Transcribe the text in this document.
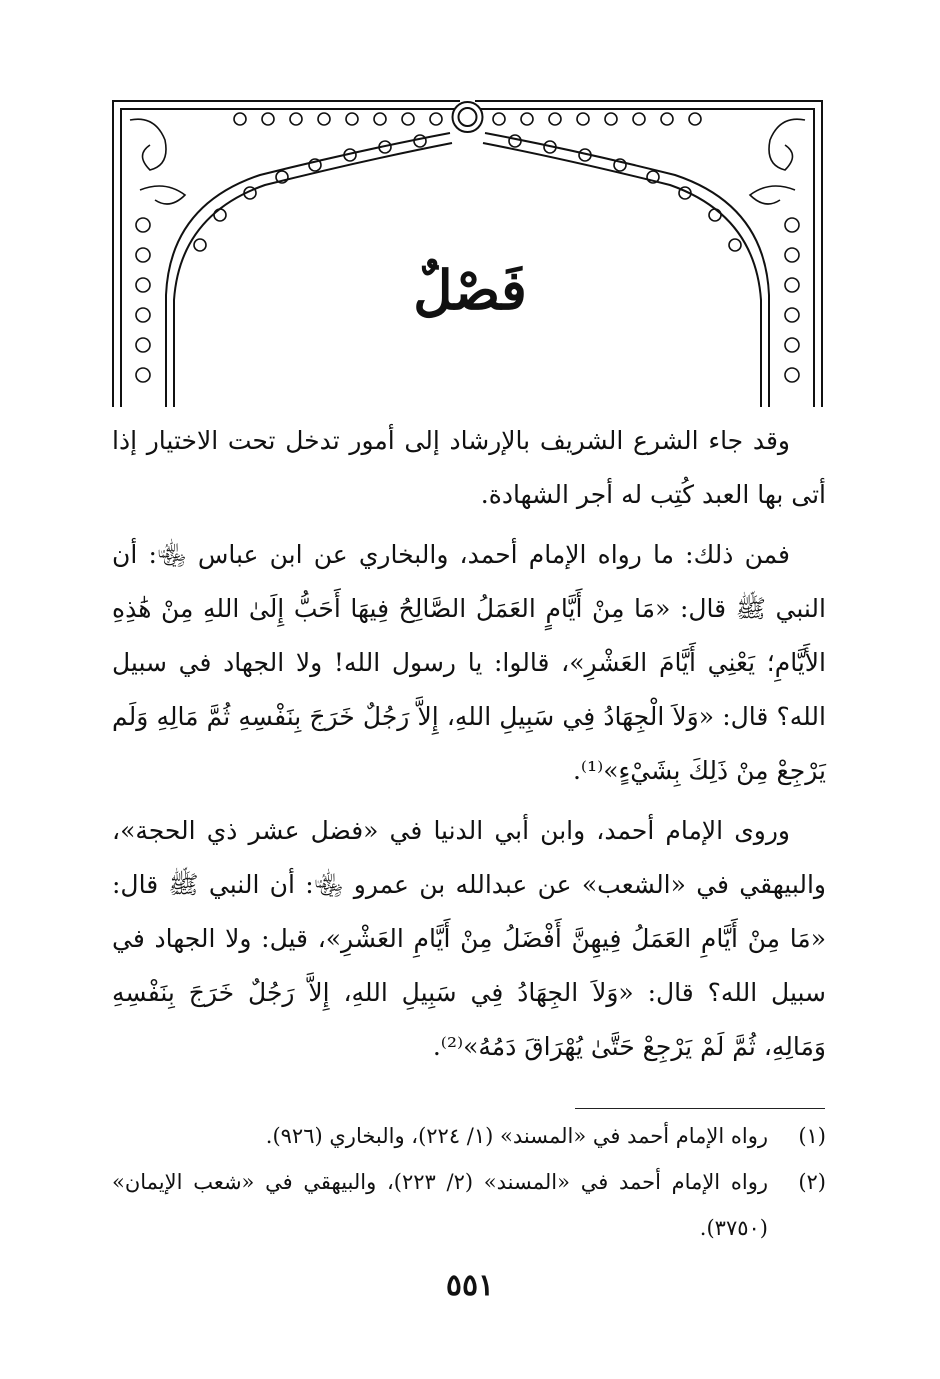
فَصْلٌ

وقد جاء الشرع الشريف بالإرشاد إلى أمور تدخل تحت الاختيار إذا أتى بها العبد كُتِب له أجر الشهادة.

فمن ذلك: ما رواه الإمام أحمد، والبخاري عن ابن عباس ﵄: أن النبي ﷺ قال: «مَا مِنْ أَيَّامٍ العَمَلُ الصَّالِحُ فِيهَا أَحَبُّ إِلَىٰ اللهِ مِنْ هَٰذِهِ الأَيَّامِ؛ يَعْنِي أَيَّامَ العَشْرِ»، قالوا: يا رسول الله! ولا الجهاد في سبيل الله؟ قال: «وَلاَ الْجِهَادُ فِي سَبِيلِ اللهِ، إِلاَّ رَجُلٌ خَرَجَ بِنَفْسِهِ ثُمَّ مَالِهِ وَلَم يَرْجِعْ مِنْ ذَلِكَ بِشَيْءٍ»⁽¹⁾.

وروى الإمام أحمد، وابن أبي الدنيا في «فضل عشر ذي الحجة»، والبيهقي في «الشعب» عن عبدالله بن عمرو ﵄: أن النبي ﷺ قال: «مَا مِنْ أَيَّامِ العَمَلُ فِيهِنَّ أَفْضَلُ مِنْ أَيَّامِ العَشْرِ»، قيل: ولا الجهاد في سبيل الله؟ قال: «وَلاَ الجِهَادُ فِي سَبِيلِ اللهِ، إِلاَّ رَجُلٌ خَرَجَ بِنَفْسِهِ وَمَالِهِ، ثُمَّ لَمْ يَرْجِعْ حَتَّىٰ يُهْرَاقَ دَمُهُ»⁽²⁾.

(١)
رواه الإمام أحمد في «المسند» (١/ ٢٢٤)، والبخاري (٩٢٦).
(٢)
رواه الإمام أحمد في «المسند» (٢/ ٢٢٣)، والبيهقي في «شعب الإيمان» (٣٧٥٠).
٥٥١
